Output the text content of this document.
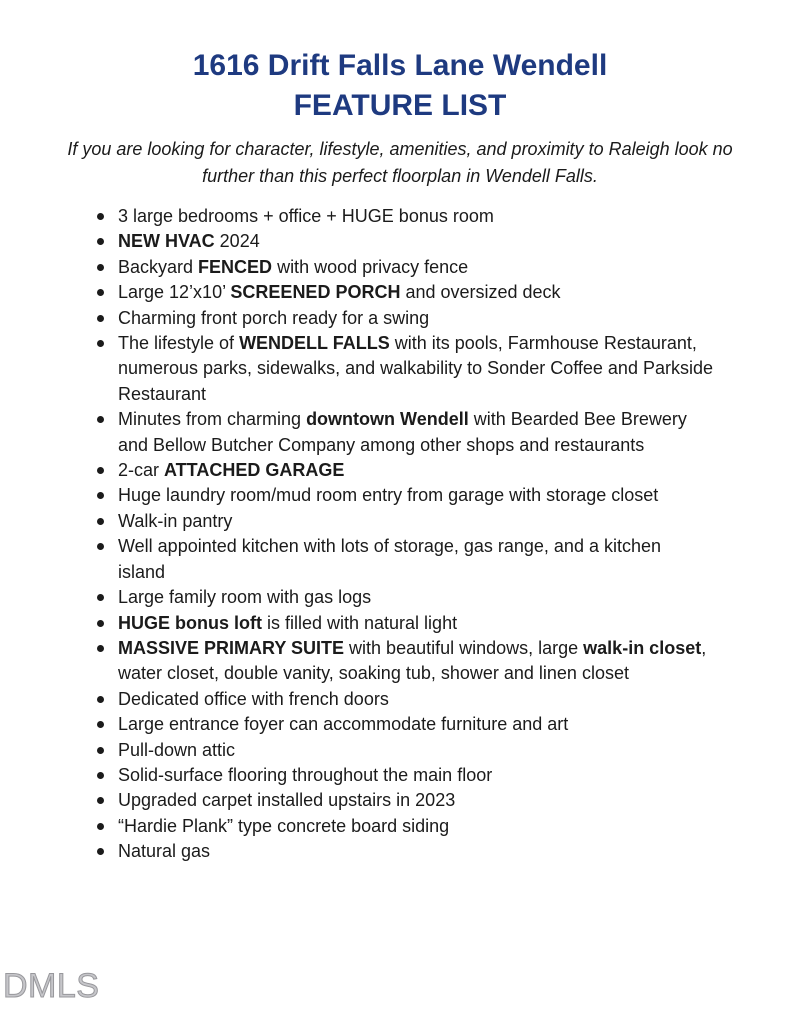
1616 Drift Falls Lane Wendell
FEATURE LIST

If you are looking for character, lifestyle, amenities, and proximity to Raleigh look no further than this perfect floorplan in Wendell Falls.

3 large bedrooms + office + HUGE bonus room
NEW HVAC 2024
Backyard FENCED with wood privacy fence
Large 12’x10’ SCREENED PORCH and oversized deck
Charming front porch ready for a swing
The lifestyle of WENDELL FALLS with its pools, Farmhouse Restaurant, numerous parks, sidewalks, and walkability to Sonder Coffee and Parkside Restaurant
Minutes from charming downtown Wendell with Bearded Bee Brewery and Bellow Butcher Company among other shops and restaurants
2-car ATTACHED GARAGE
Huge laundry room/mud room entry from garage with storage closet
Walk-in pantry
Well appointed kitchen with lots of storage, gas range, and a kitchen island
Large family room with gas logs
HUGE bonus loft is filled with natural light
MASSIVE PRIMARY SUITE with beautiful windows, large walk-in closet, water closet, double vanity, soaking tub, shower and linen closet
Dedicated office with french doors
Large entrance foyer can accommodate furniture and art
Pull-down attic
Solid-surface flooring throughout the main floor
Upgraded carpet installed upstairs in 2023
“Hardie Plank” type concrete board siding
Natural gas
DMLS
